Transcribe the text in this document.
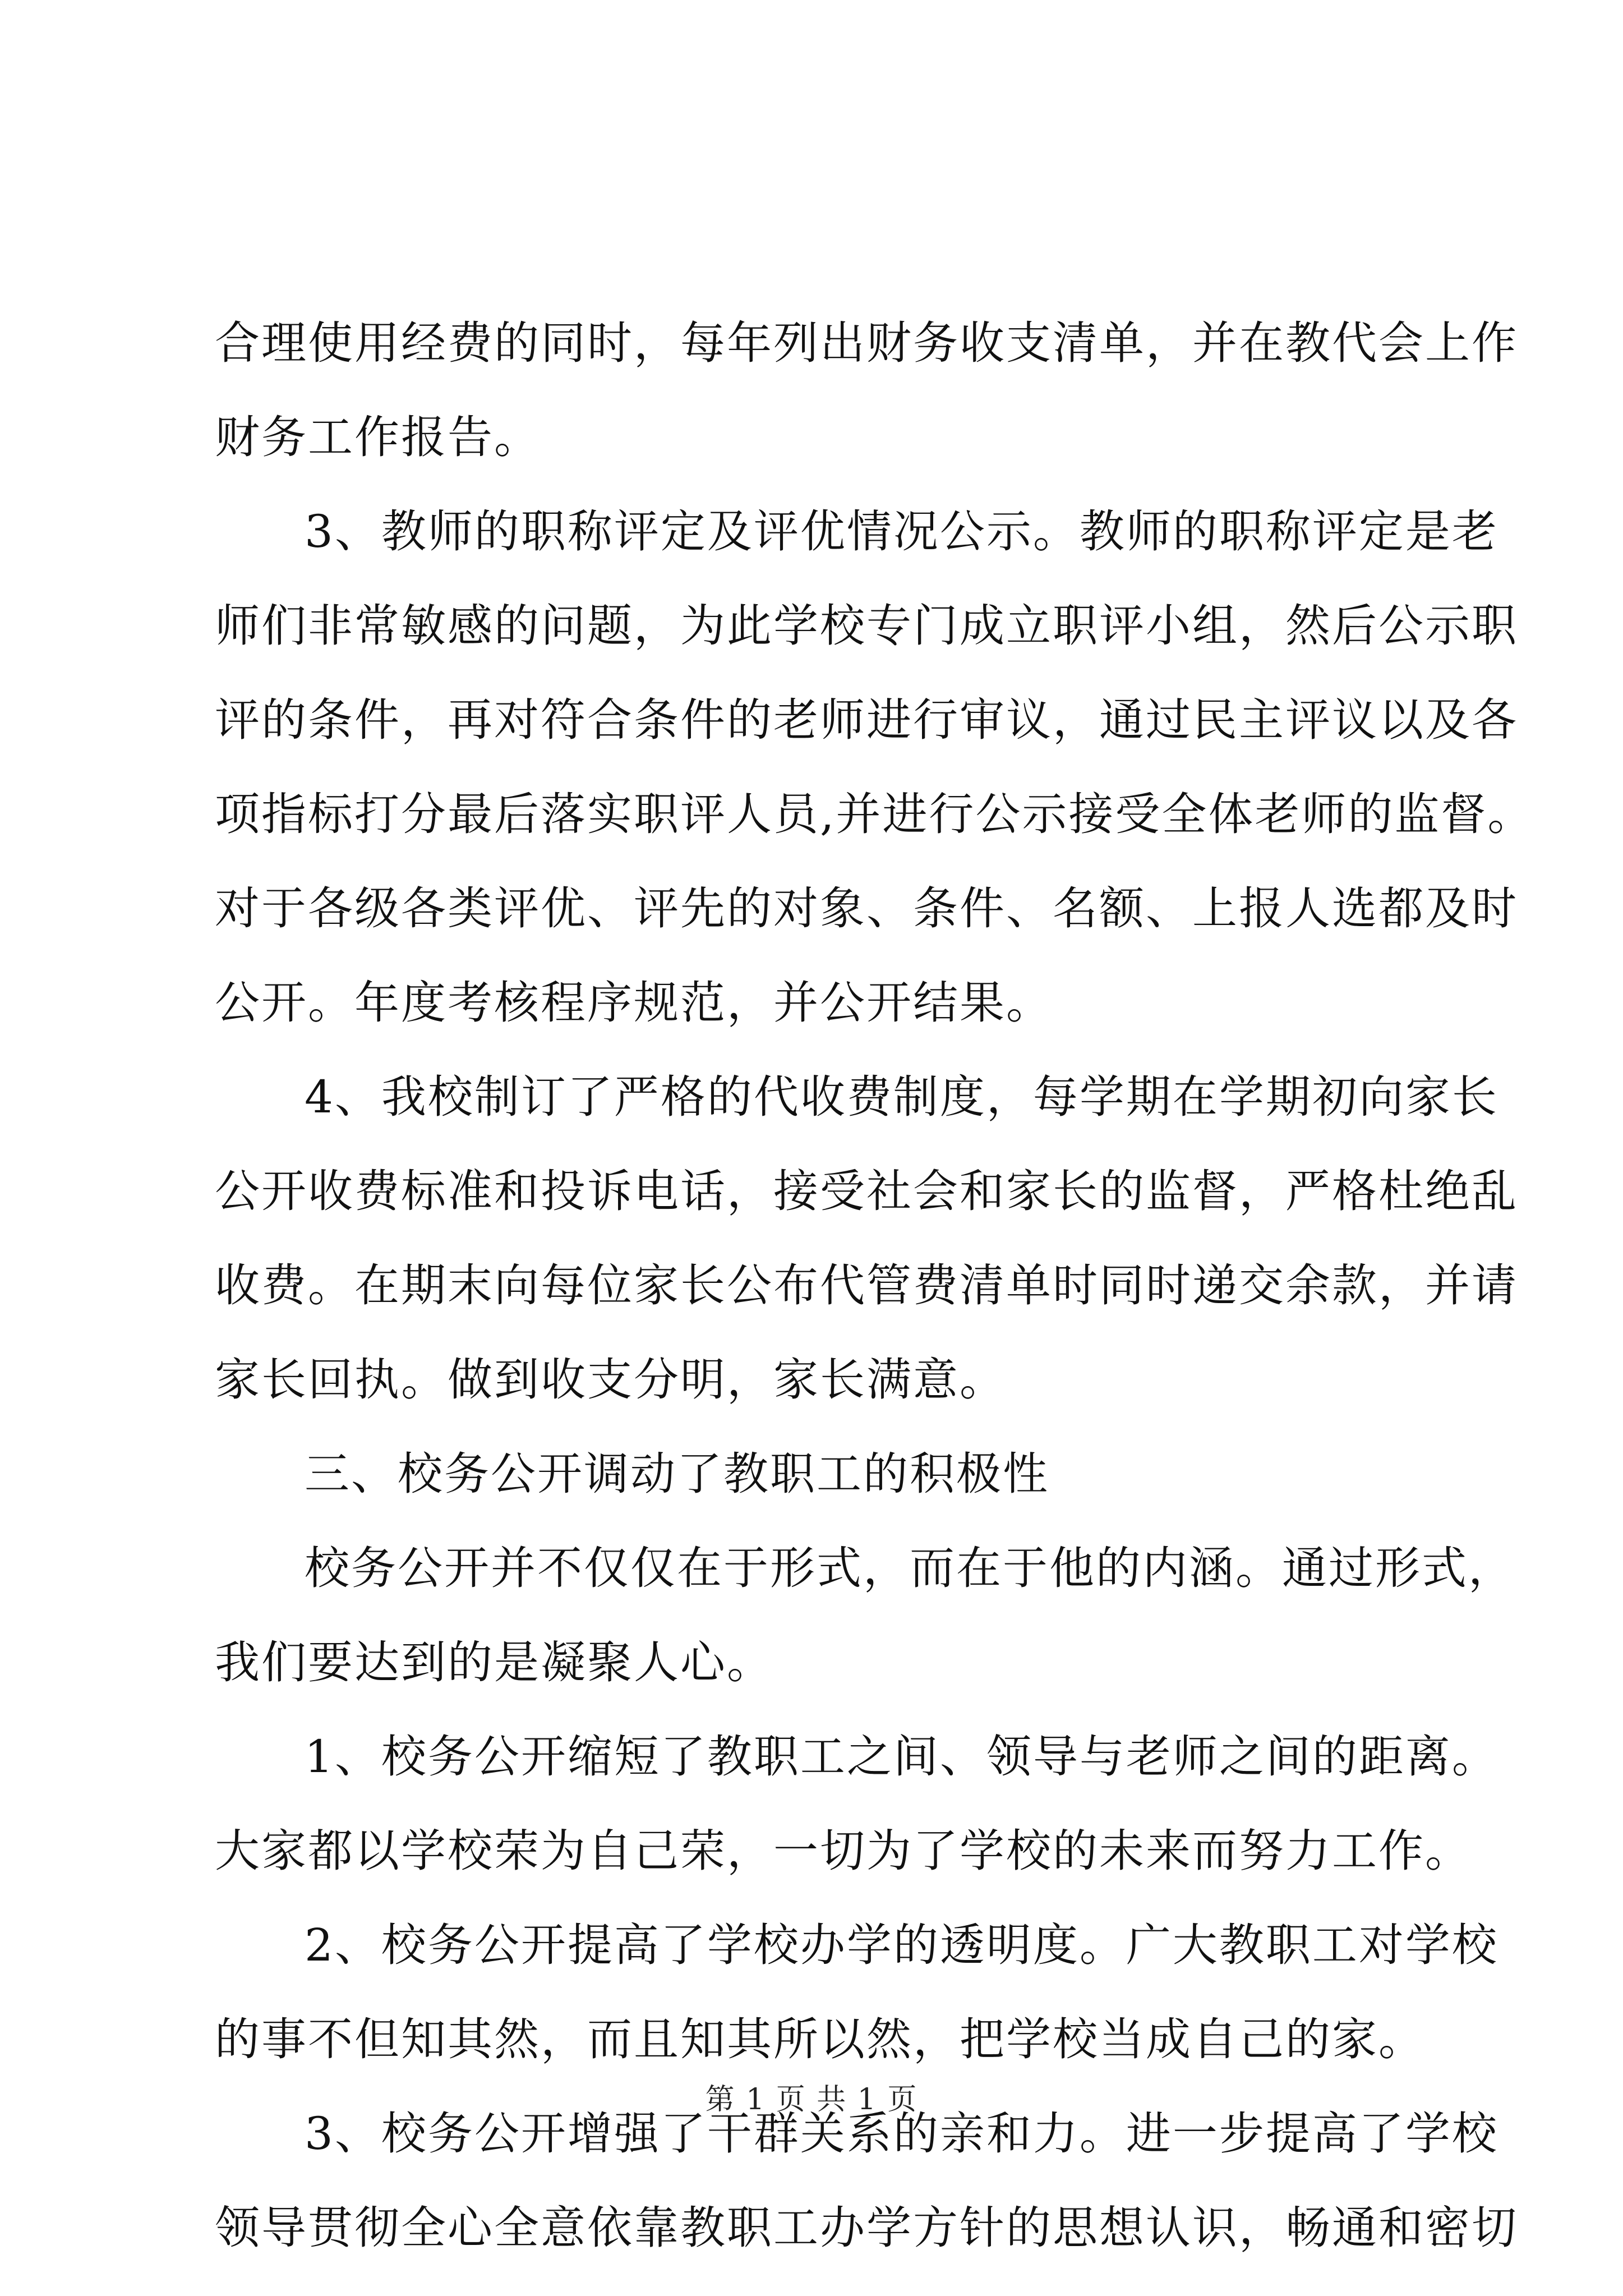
合理使用经费的同时，每年列出财务收支清单，并在教代会上作
财务工作报告。
3、教师的职称评定及评优情况公示。教师的职称评定是老
师们非常敏感的问题，为此学校专门成立职评小组，然后公示职
评的条件，再对符合条件的老师进行审议，通过民主评议以及各
项指标打分最后落实职评人员,并进行公示接受全体老师的监督。
对于各级各类评优、评先的对象、条件、名额、上报人选都及时
公开。年度考核程序规范，并公开结果。
4、我校制订了严格的代收费制度，每学期在学期初向家长
公开收费标准和投诉电话，接受社会和家长的监督，严格杜绝乱
收费。在期末向每位家长公布代管费清单时同时递交余款，并请
家长回执。做到收支分明，家长满意。
三、校务公开调动了教职工的积极性
校务公开并不仅仅在于形式，而在于他的内涵。通过形式，
我们要达到的是凝聚人心。
1、校务公开缩短了教职工之间、领导与老师之间的距离。
大家都以学校荣为自己荣，一切为了学校的未来而努力工作。
2、校务公开提高了学校办学的透明度。广大教职工对学校
的事不但知其然，而且知其所以然，把学校当成自己的家。
3、校务公开增强了干群关系的亲和力。进一步提高了学校
领导贯彻全心全意依靠教职工办学方针的思想认识，畅通和密切
第 1 页 共 1 页
